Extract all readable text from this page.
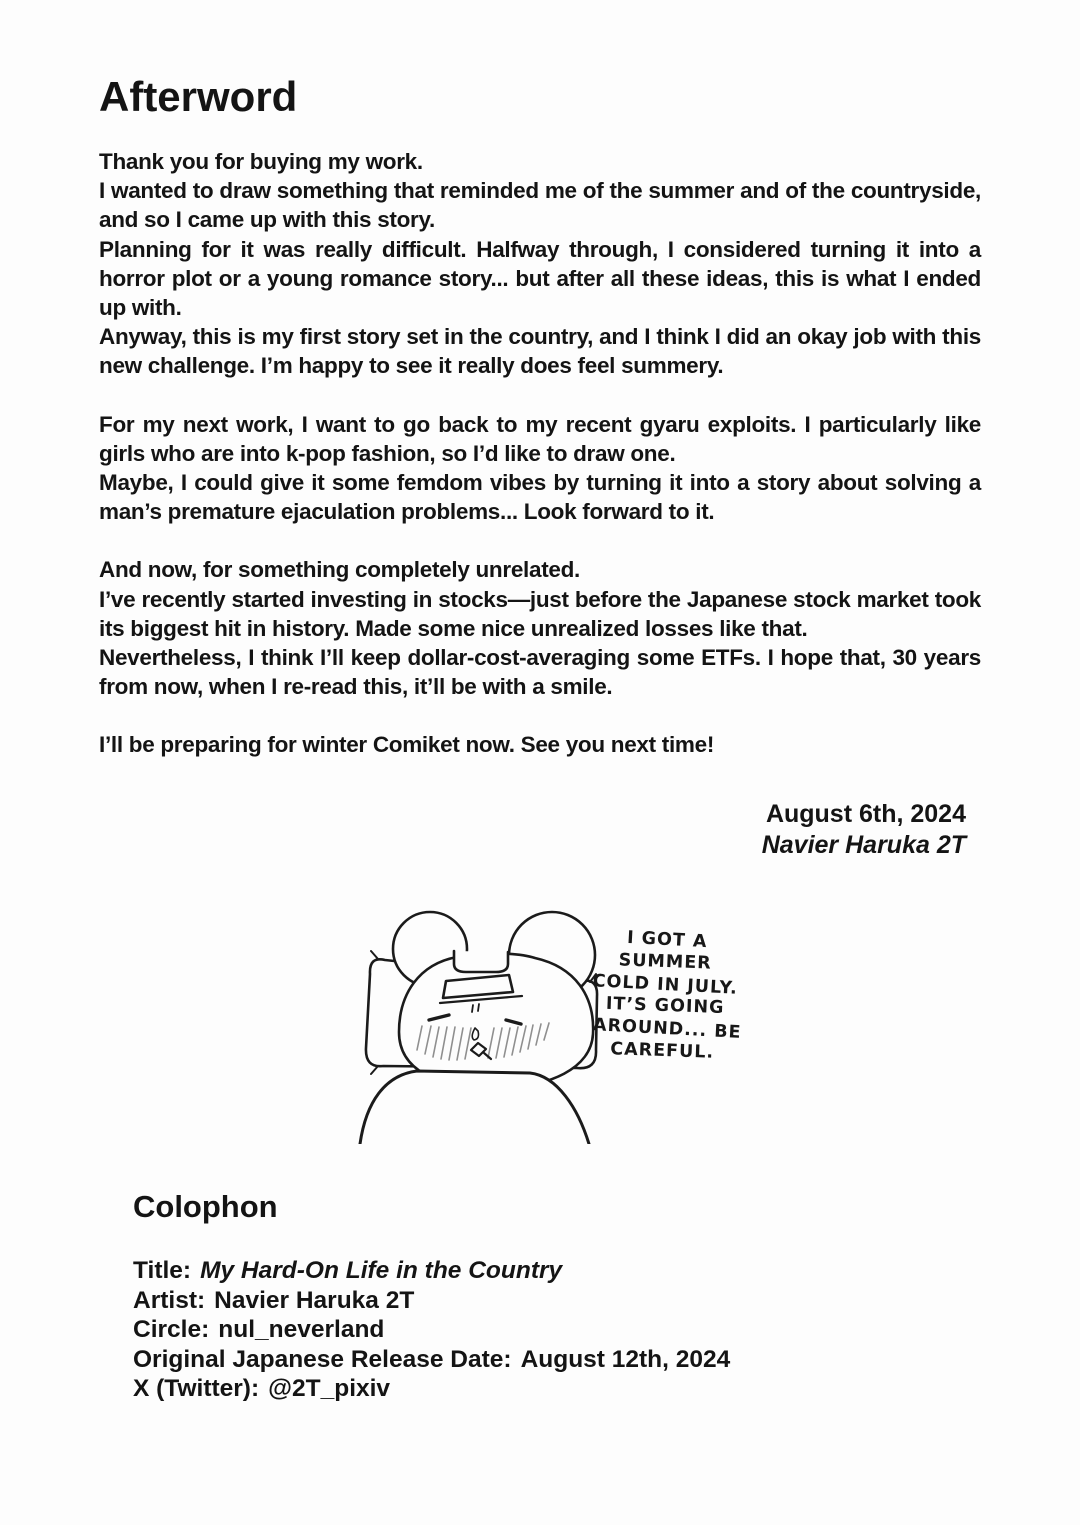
Afterword

Thank you for buying my work.

I wanted to draw something that reminded me of the summer and of the countryside, and so I came up with this story.

Planning for it was really difficult. Halfway through, I considered turning it into a horror plot or a young romance story... but after all these ideas, this is what I ended up with.

Anyway, this is my first story set in the country, and I think I did an okay job with this new challenge. I’m happy to see it really does feel summery.

For my next work, I want to go back to my recent gyaru exploits. I particularly like girls who are into k-pop fashion, so I’d like to draw one.

Maybe, I could give it some femdom vibes by turning it into a story about solving a man’s premature ejaculation problems... Look forward to it.

And now, for something completely unrelated.

I’ve recently started investing in stocks—just before the Japanese stock market took its biggest hit in history. Made some nice unrealized losses like that.

Nevertheless, I think I’ll keep dollar-cost-averaging some ETFs. I hope that, 30 years from now, when I re-read this, it’ll be with a smile.

I’ll be preparing for winter Comiket now. See you next time!

August 6th, 2024

Navier Haruka 2T

I GOT A
SUMMER
COLD IN JULY.
IT’S GOING
AROUND... BE
CAREFUL.
Colophon

Title: My Hard-On Life in the Country

Artist: Navier Haruka 2T

Circle: nul_neverland

Original Japanese Release Date: August 12th, 2024

X (Twitter): @2T_pixiv
